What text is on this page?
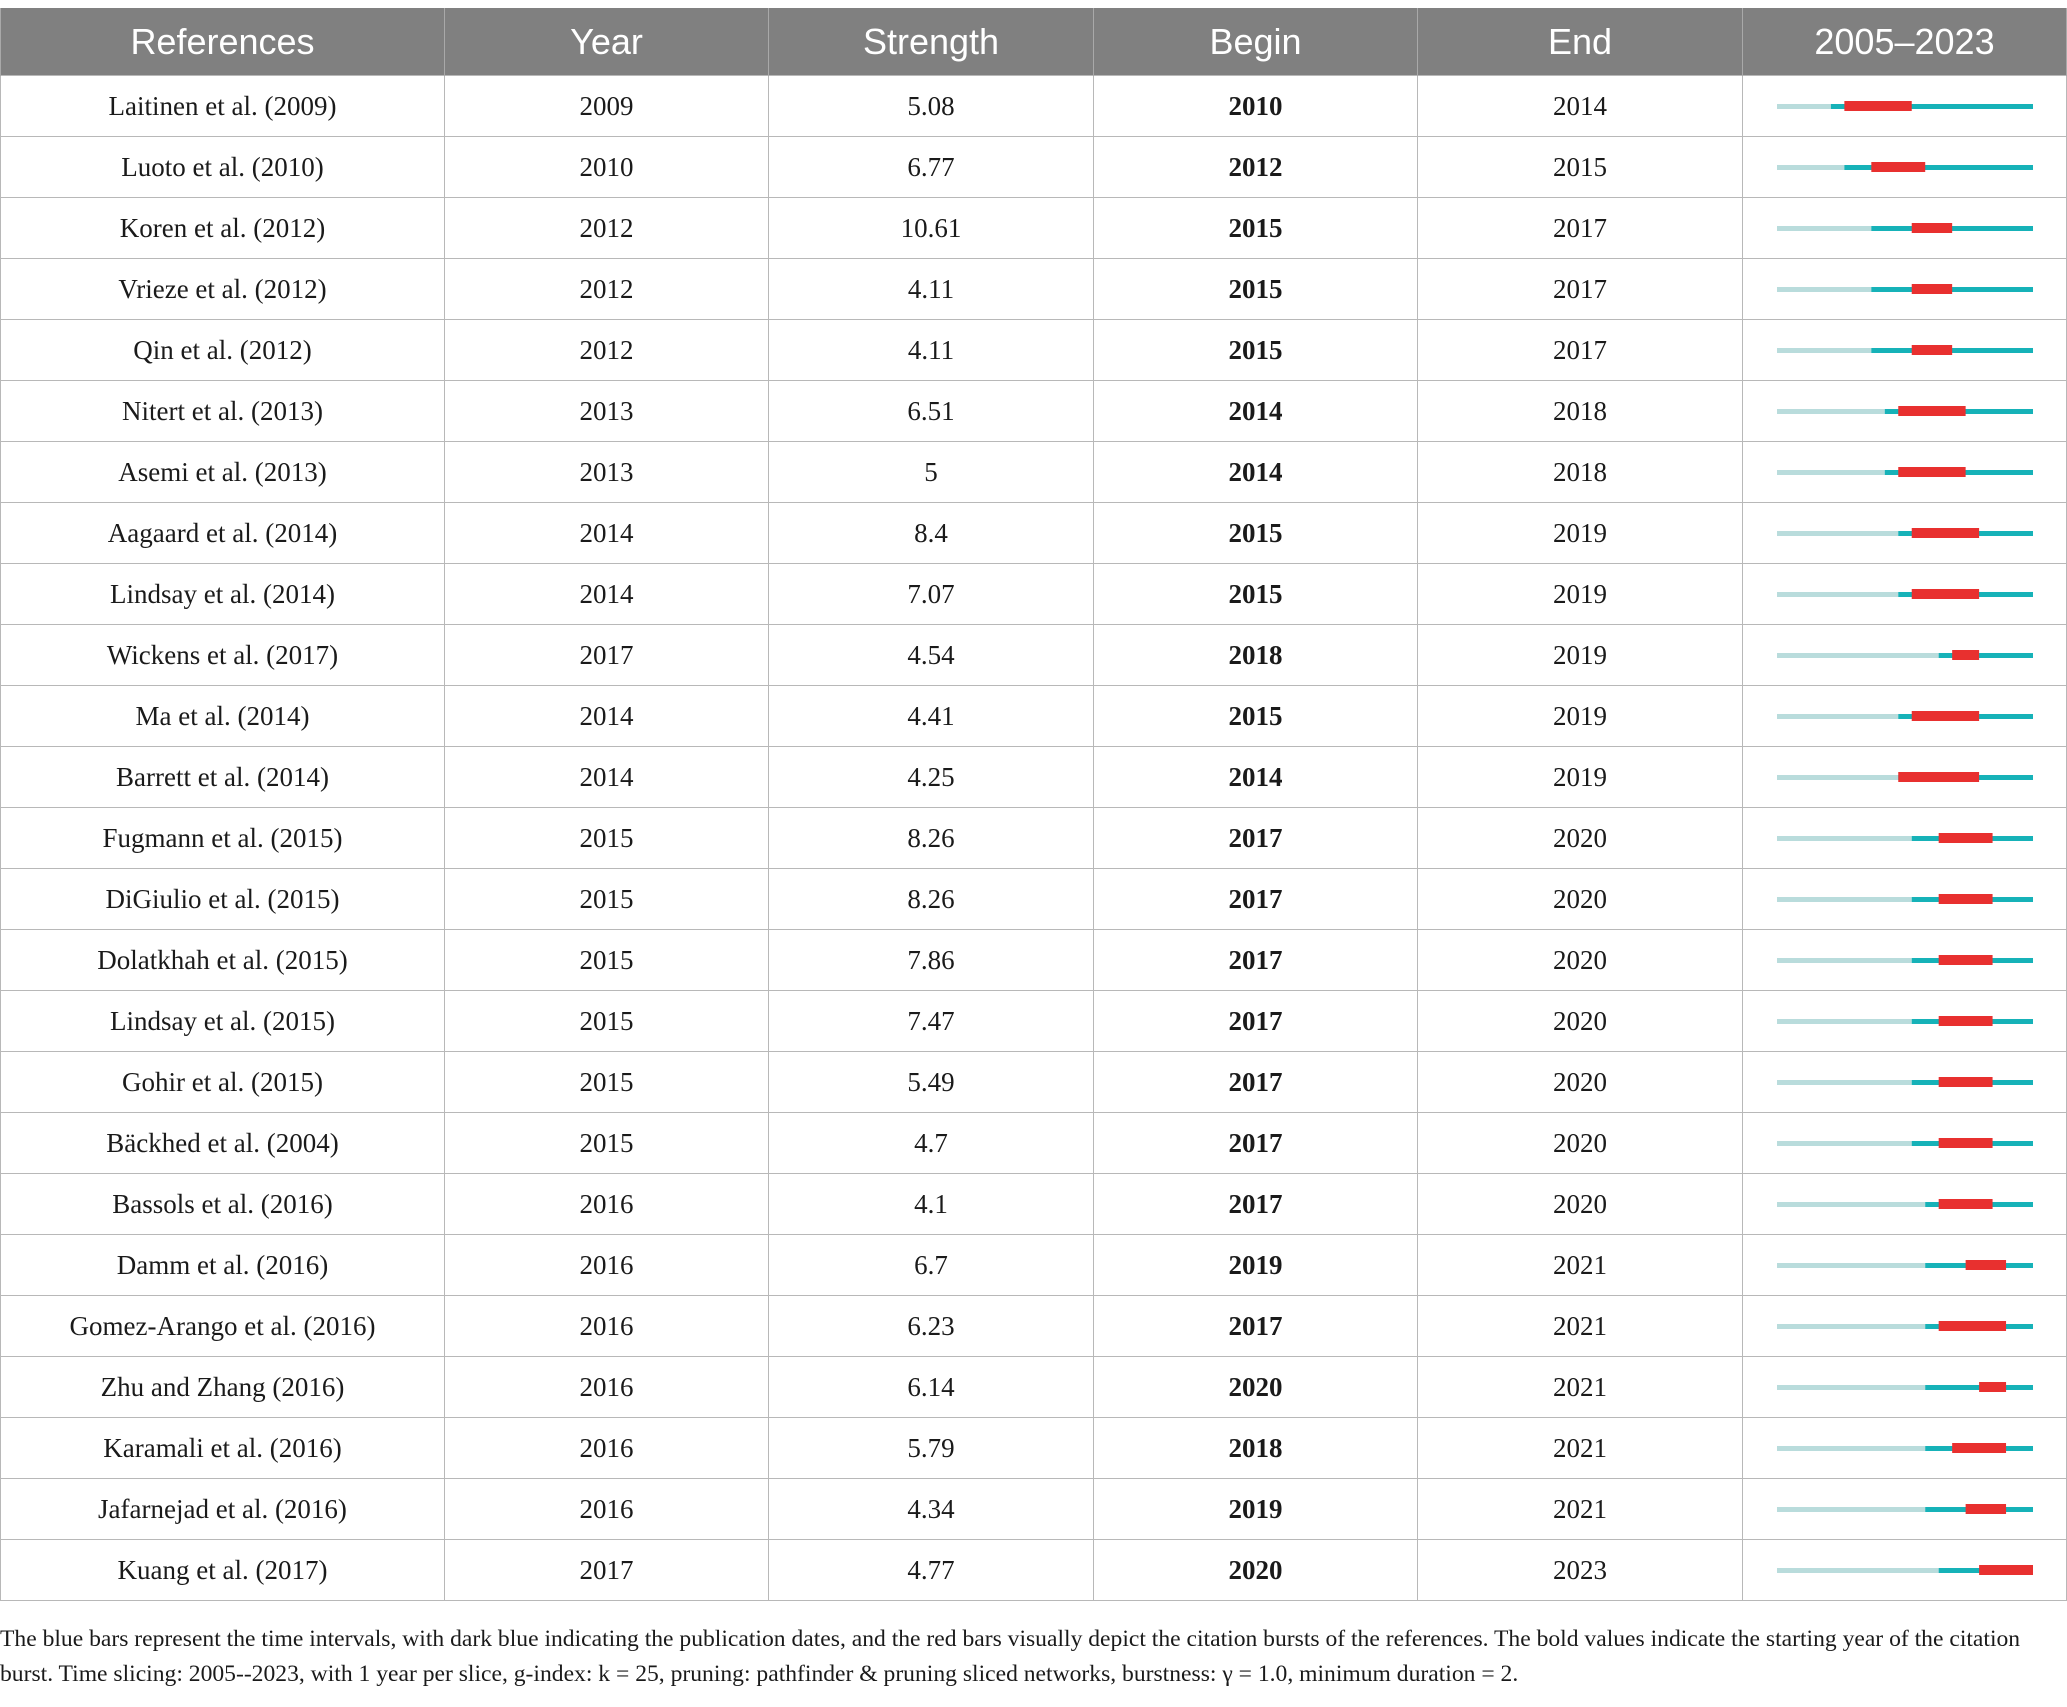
References	Year	Strength	Begin	End	2005–2023
Laitinen et al. (2009)	2009	5.08	2010	2014	

Luoto et al. (2010)	2010	6.77	2012	2015	

Koren et al. (2012)	2012	10.61	2015	2017	

Vrieze et al. (2012)	2012	4.11	2015	2017	

Qin et al. (2012)	2012	4.11	2015	2017	

Nitert et al. (2013)	2013	6.51	2014	2018	

Asemi et al. (2013)	2013	5	2014	2018	

Aagaard et al. (2014)	2014	8.4	2015	2019	

Lindsay et al. (2014)	2014	7.07	2015	2019	

Wickens et al. (2017)	2017	4.54	2018	2019	

Ma et al. (2014)	2014	4.41	2015	2019	

Barrett et al. (2014)	2014	4.25	2014	2019	

Fugmann et al. (2015)	2015	8.26	2017	2020	

DiGiulio et al. (2015)	2015	8.26	2017	2020	

Dolatkhah et al. (2015)	2015	7.86	2017	2020	

Lindsay et al. (2015)	2015	7.47	2017	2020	

Gohir et al. (2015)	2015	5.49	2017	2020	

Bäckhed et al. (2004)	2015	4.7	2017	2020	

Bassols et al. (2016)	2016	4.1	2017	2020	

Damm et al. (2016)	2016	6.7	2019	2021	

Gomez-Arango et al. (2016)	2016	6.23	2017	2021	

Zhu and Zhang (2016)	2016	6.14	2020	2021	

Karamali et al. (2016)	2016	5.79	2018	2021	

Jafarnejad et al. (2016)	2016	4.34	2019	2021	

Kuang et al. (2017)	2017	4.77	2020	2023	
The blue bars represent the time intervals, with dark blue indicating the publication dates, and the red bars visually depict the citation bursts of the references. The bold values indicate the starting year of the citation burst. Time slicing: 2005--2023, with 1 year per slice, g-index: k = 25, pruning: pathfinder & pruning sliced networks, burstness: γ = 1.0, minimum duration = 2.
